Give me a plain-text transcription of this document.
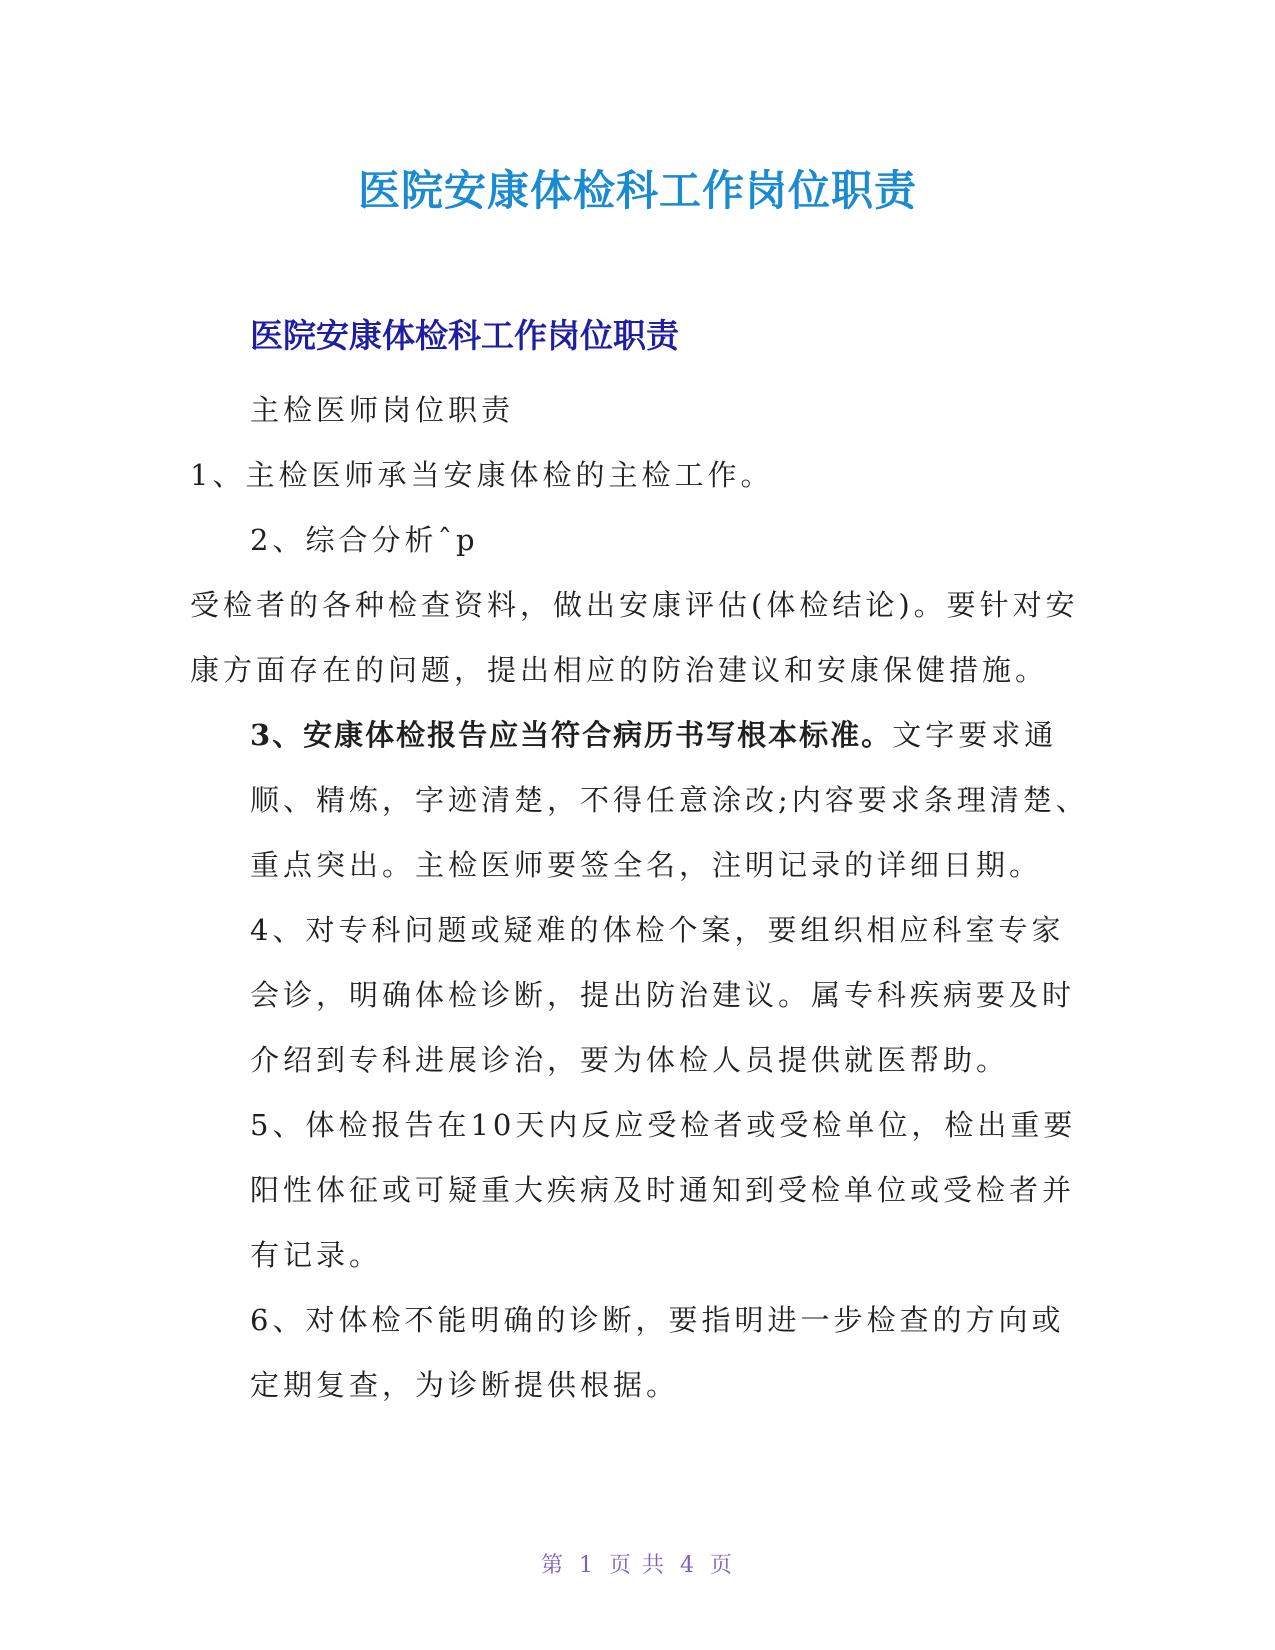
医院安康体检科工作岗位职责
医院安康体检科工作岗位职责

主检医师岗位职责

1、主检医师承当安康体检的主检工作。

2、综合分析ˆp

受检者的各种检查资料，做出安康评估(体检结论)。要针对安康方面存在的问题，提出相应的防治建议和安康保健措施。

3、安康体检报告应当符合病历书写根本标准。文字要求通顺、精炼，字迹清楚，不得任意涂改;内容要求条理清楚、重点突出。主检医师要签全名，注明记录的详细日期。

4、对专科问题或疑难的体检个案，要组织相应科室专家会诊，明确体检诊断，提出防治建议。属专科疾病要及时介绍到专科进展诊治，要为体检人员提供就医帮助。

5、体检报告在10天内反应受检者或受检单位，检出重要阳性体征或可疑重大疾病及时通知到受检单位或受检者并有记录。

6、对体检不能明确的诊断，要指明进一步检查的方向或定期复查，为诊断提供根据。

第 1 页 共 4 页
